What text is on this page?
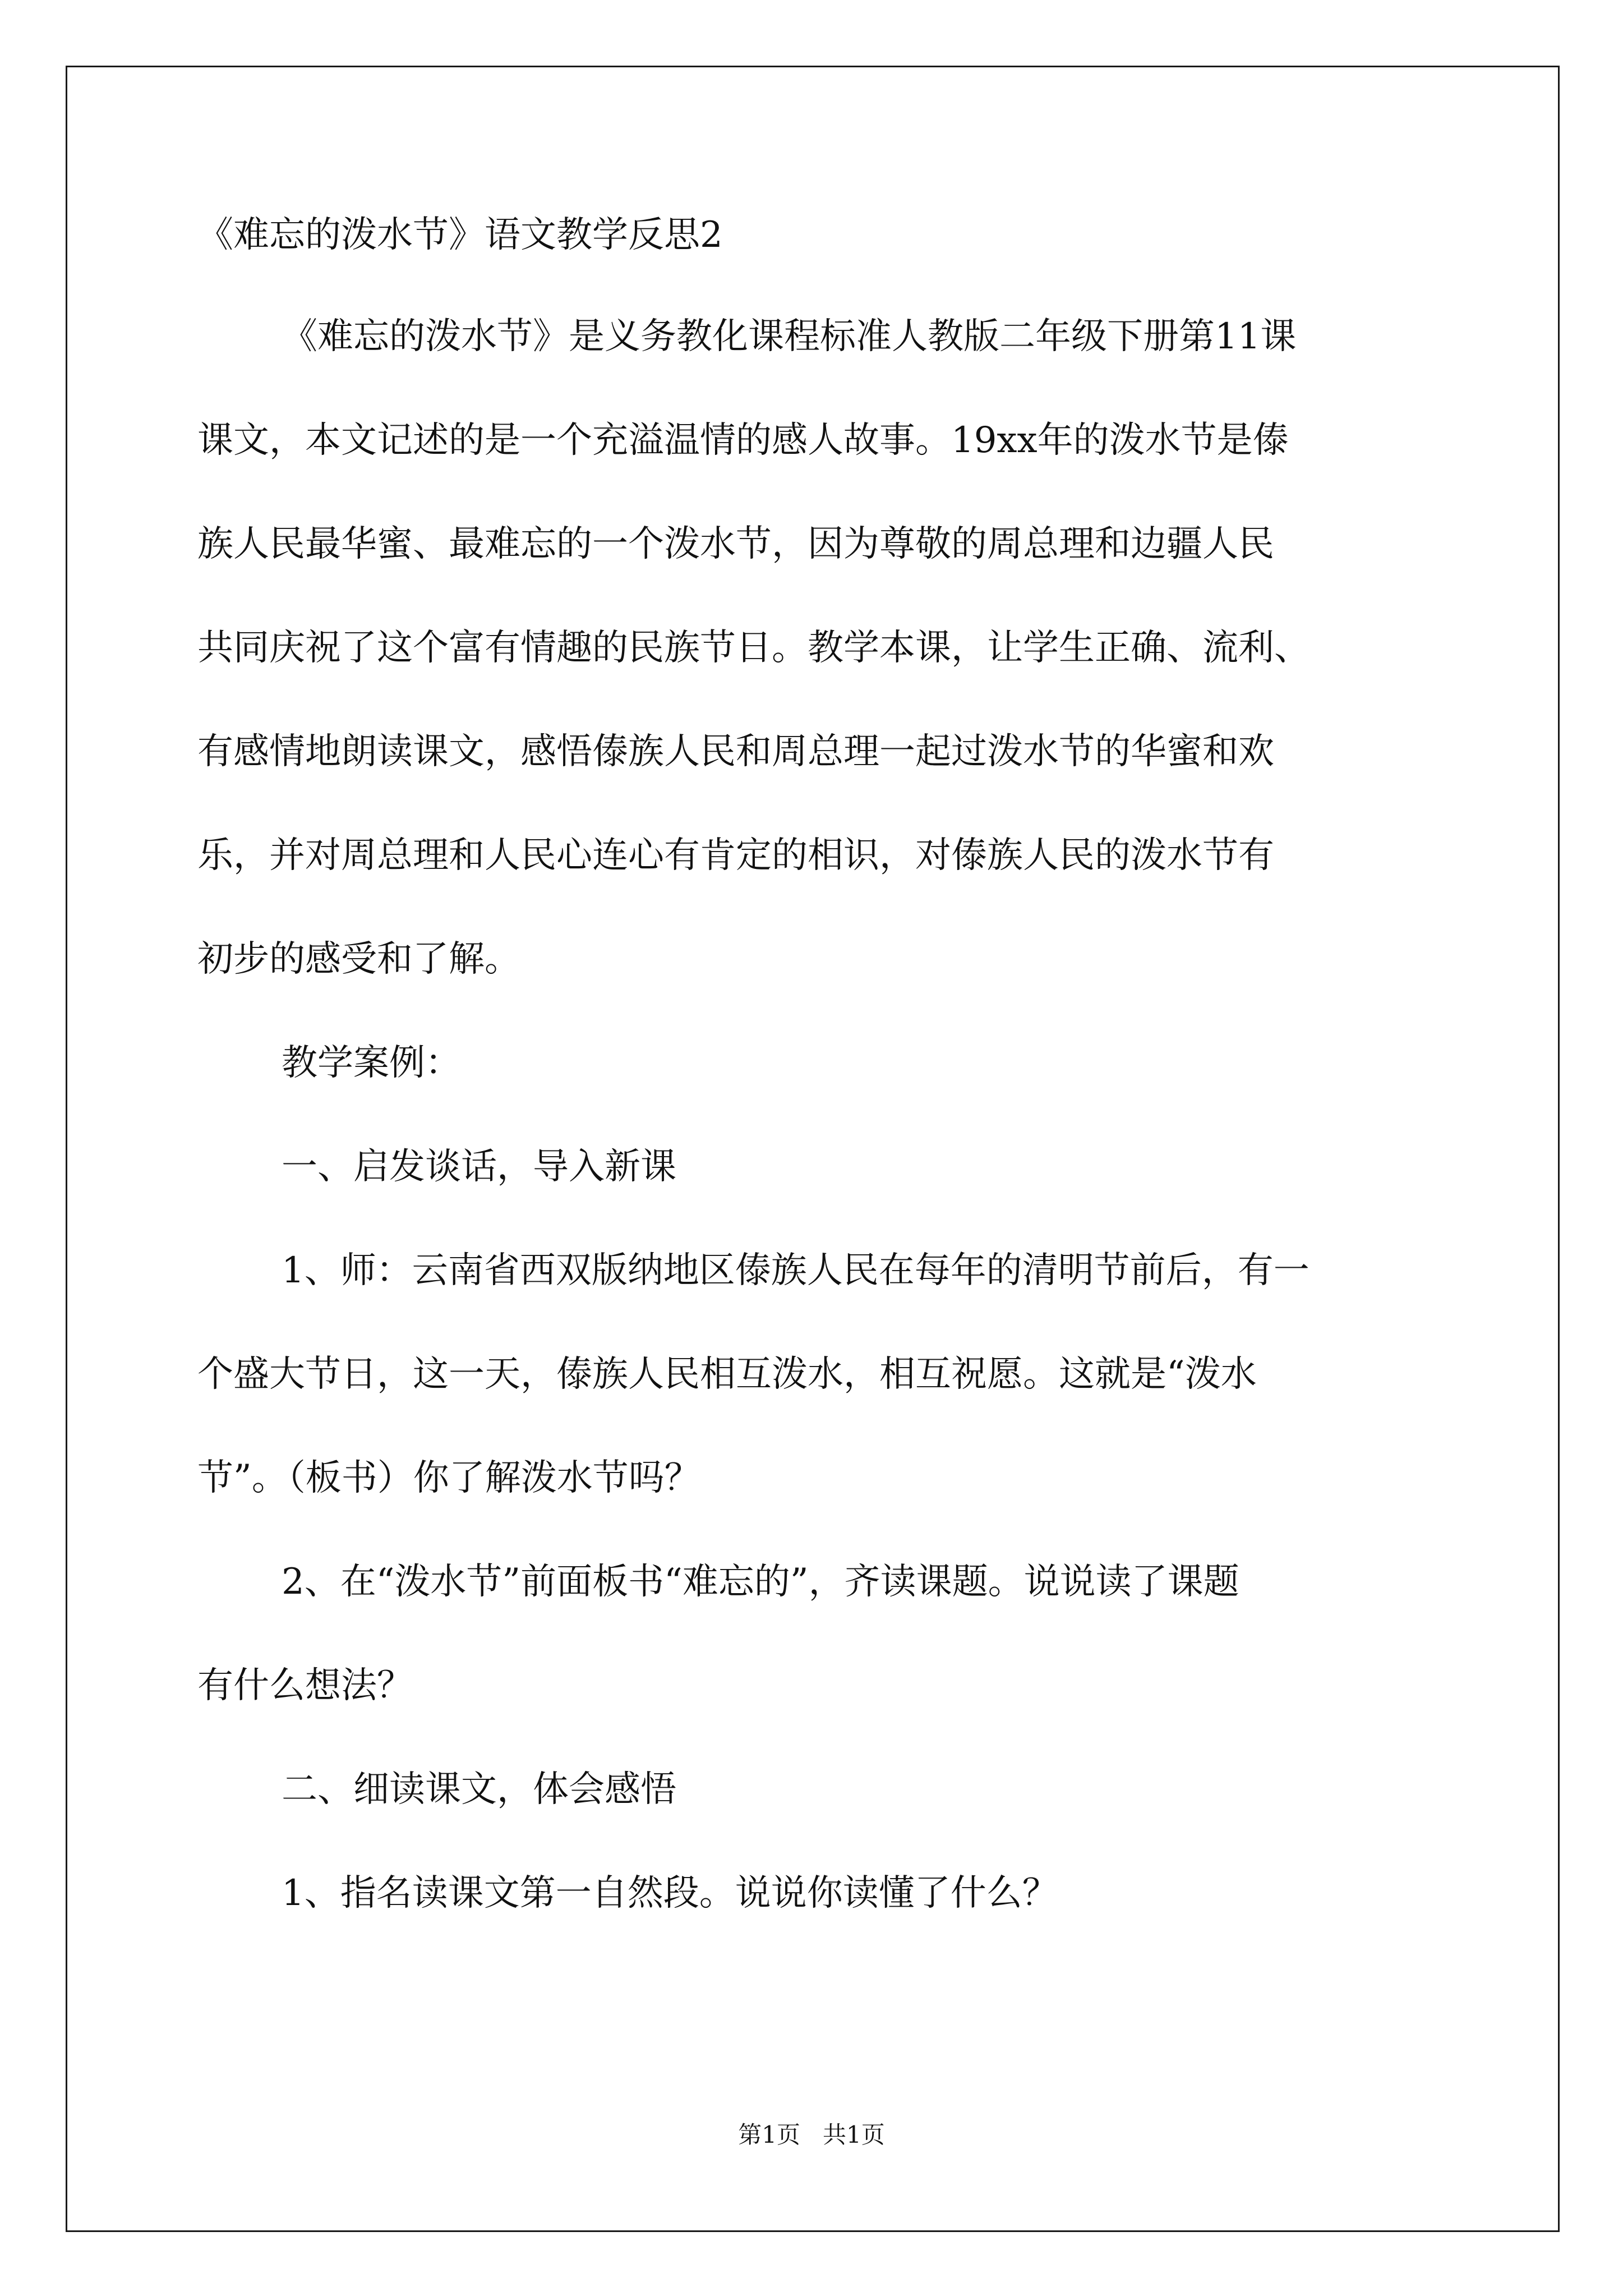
《难忘的泼水节》语文教学反思2
《难忘的泼水节》是义务教化课程标准人教版二年级下册第11课
课文，本文记述的是一个充溢温情的感人故事。19xx年的泼水节是傣
族人民最华蜜、最难忘的一个泼水节，因为尊敬的周总理和边疆人民
共同庆祝了这个富有情趣的民族节日。教学本课，让学生正确、流利、
有感情地朗读课文，感悟傣族人民和周总理一起过泼水节的华蜜和欢
乐，并对周总理和人民心连心有肯定的相识，对傣族人民的泼水节有
初步的感受和了解。
教学案例：
一、启发谈话，导入新课
1、师：云南省西双版纳地区傣族人民在每年的清明节前后，有一
个盛大节日，这一天，傣族人民相互泼水，相互祝愿。这就是“泼水
节”。（板书）你了解泼水节吗？
2、在“泼水节”前面板书“难忘的”，齐读课题。说说读了课题
有什么想法？
二、细读课文，体会感悟
1、指名读课文第一自然段。说说你读懂了什么？
第1页   共1页
